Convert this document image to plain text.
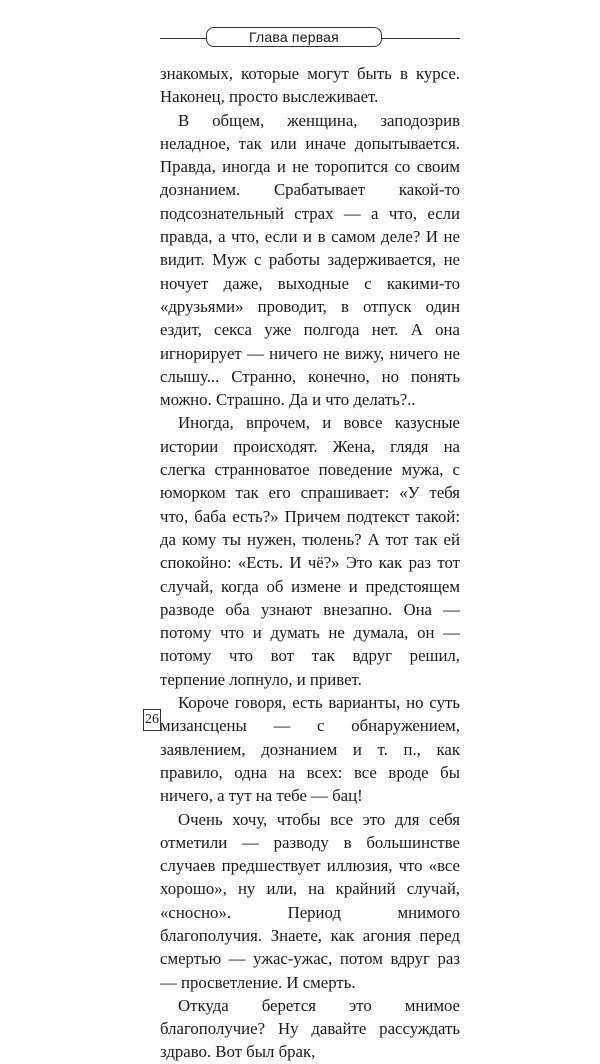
Глава первая

знакомых, которые могут быть в курсе. Наконец, просто выслеживает.

В общем, женщина, заподозрив неладное, так или иначе допытывается. Правда, иногда и не торопится со своим дознанием. Срабатывает какой-то подсознательный страх — а что, если правда, а что, если и в самом деле? И не видит. Муж с работы задерживается, не ночует даже, выходные с какими-то «друзьями» проводит, в отпуск один ездит, секса уже полгода нет. А она игнорирует — ничего не вижу, ничего не слышу... Странно, конечно, но понять можно. Страшно. Да и что делать?..

Иногда, впрочем, и вовсе казусные истории происходят. Жена, глядя на слегка странноватое поведение мужа, с юморком так его спрашивает: «У тебя что, баба есть?» Причем подтекст такой: да кому ты нужен, тюлень? А тот так ей спокойно: «Есть. И чё?» Это как раз тот случай, когда об измене и предстоящем разводе оба узнают внезапно. Она — потому что и думать не думала, он — потому что вот так вдруг решил, терпение лопнуло, и привет.

Короче говоря, есть варианты, но суть мизансцены — с обнаружением, заявлением, дознанием и т. п., как правило, одна на всех: все вроде бы ничего, а тут на тебе — бац!

Очень хочу, чтобы все это для себя отметили — разводу в большинстве случаев предшествует иллюзия, что «все хорошо», ну или, на крайний случай, «сносно». Период мнимого благополучия. Знаете, как агония перед смертью — ужас-ужас, потом вдруг раз — просветление. И смерть.

Откуда берется это мнимое благополучие? Ну давайте рассуждать здраво. Вот был брак,

26
